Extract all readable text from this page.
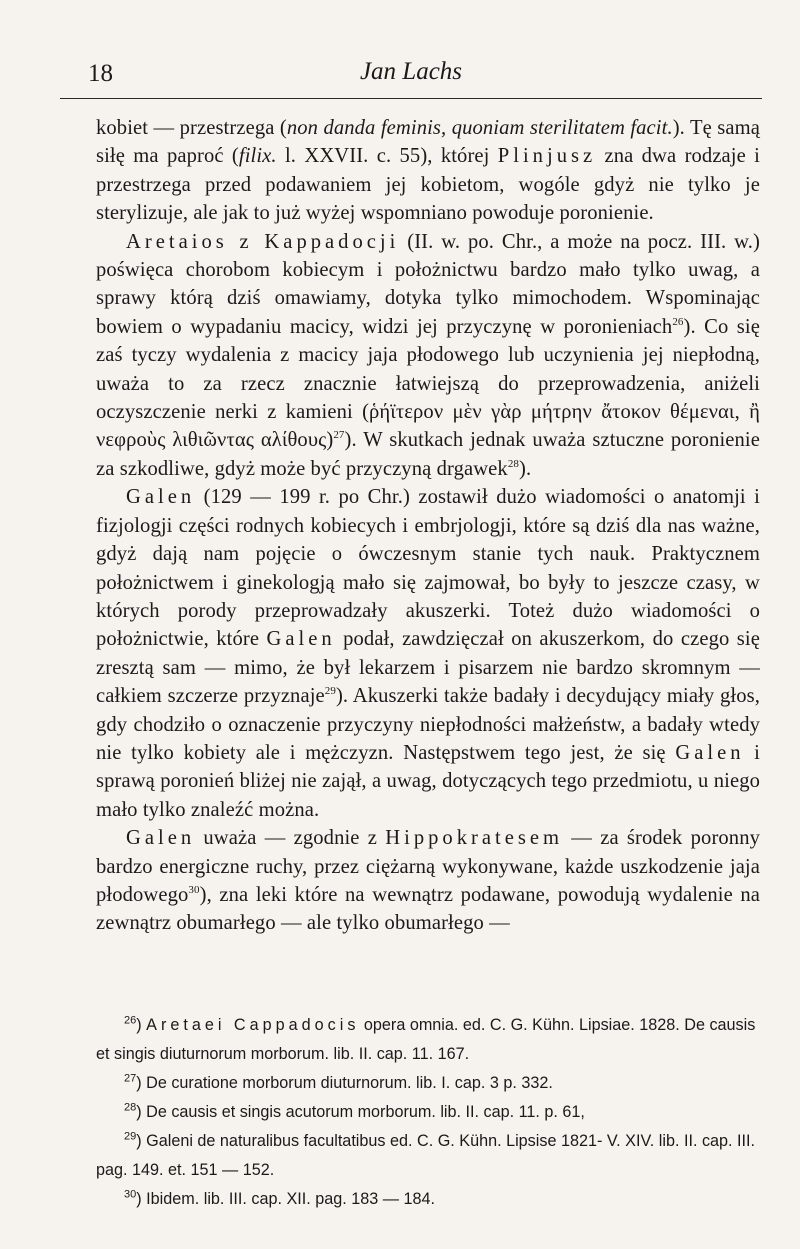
18	Jan Lachs

kobiet — przestrzega (non danda feminis, quoniam sterilitatem facit.). Tę samą siłę ma paproć (filix. l. XXVII. c. 55), której Plinjusz zna dwa rodzaje i przestrzega przed podawaniem jej kobietom, wogóle gdyż nie tylko je sterylizuje, ale jak to już wyżej wspomniano powoduje poronienie.

Aretaios z Kappadocji (II. w. po. Chr., a może na pocz. III. w.) poświęca chorobom kobiecym i położnictwu bardzo mało tylko uwag, a sprawy którą dziś omawiamy, dotyka tylko mimochodem. Wspominając bowiem o wypadaniu macicy, widzi jej przyczynę w poronieniach$^{26}$). Co się zaś tyczy wydalenia z macicy jaja płodowego lub uczynienia jej niepłodną, uważa to za rzecz znacznie łatwiejszą do przeprowadzenia, aniżeli oczyszczenie nerki z kamieni (ῥήϊτερον μὲν γὰρ μήτρην ἄτοκον θέμεναι, ἢ νεφροὺς λιθιῶντας αλίθους)$^{27}$). W skutkach jednak uważa sztuczne poronienie za szkodliwe, gdyż może być przyczyną drgawek$^{28}$).

Galen (129 — 199 r. po Chr.) zostawił dużo wiadomości o anatomji i fizjologji części rodnych kobiecych i embrjologji, które są dziś dla nas ważne, gdyż dają nam pojęcie o ówczesnym stanie tych nauk. Praktycznem położnictwem i ginekologją mało się zajmował, bo były to jeszcze czasy, w których porody przeprowadzały akuszerki. Toteż dużo wiadomości o położnictwie, które Galen podał, zawdzięczał on akuszerkom, do czego się zresztą sam — mimo, że był lekarzem i pisarzem nie bardzo skromnym — całkiem szczerze przyznaje$^{29}$). Akuszerki także badały i decydujący miały głos, gdy chodziło o oznaczenie przyczyny niepłodności małżeństw, a badały wtedy nie tylko kobiety ale i mężczyzn. Następstwem tego jest, że się Galen i sprawą poronień bliżej nie zajął, a uwag, dotyczących tego przedmiotu, u niego mało tylko znaleźć można.

Galen uważa — zgodnie z Hippokratesem — za środek poronny bardzo energiczne ruchy, przez ciężarną wykonywane, każde uszkodzenie jaja płodowego$^{30}$), zna leki które na wewnątrz podawane, powodują wydalenie na zewnątrz obumarłego — ale tylko obumarłego —

$^{26}$) Aretaei Cappadocis opera omnia. ed. C. G. Kühn. Lipsiae. 1828. De causis et singis diuturnorum morborum. lib. II. cap. 11. 167.

$^{27}$) De curatione morborum diuturnorum. lib. I. cap. 3 p. 332.

$^{28}$) De causis et singis acutorum morborum. lib. II. cap. 11. p. 61,

$^{29}$) Galeni de naturalibus facultatibus ed. C. G. Kühn. Lipsise 1821- V. XIV. lib. II. cap. III. pag. 149. et. 151 — 152.

$^{30}$) Ibidem. lib. III. cap. XII. pag. 183 — 184.
